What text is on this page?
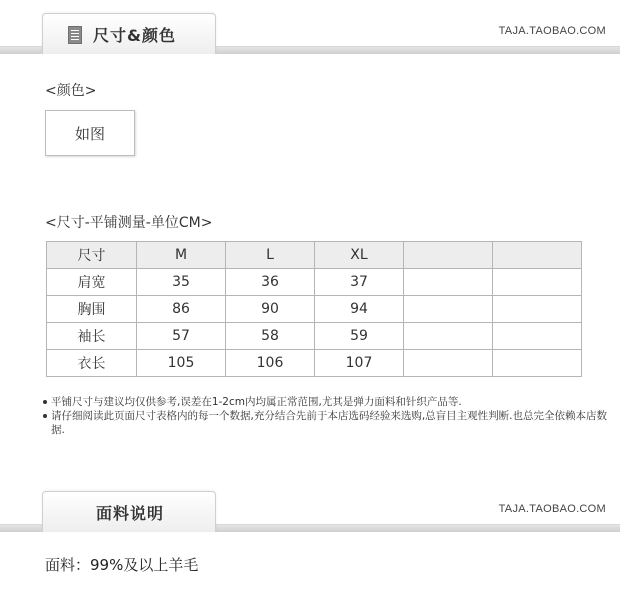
尺寸&颜色	TAJA.TAOBAO.COM
<颜色>
如图
<尺寸-平铺测量-单位CM>
尺寸	M	L	XL		
肩宽	35	36	37		
胸围	86	90	94		
袖长	57	58	59		
衣长	105	106	107		
平铺尺寸与建议均仅供参考,误差在1-2cm内均属正常范围,尤其是弹力面料和针织产品等.
请仔细阅读此页面尺寸表格内的每一个数据,充分结合先前于本店选码经验来选购,总盲目主观性判断.也总完全依赖本店数据.
面料说明	TAJA.TAOBAO.COM
面料：99%及以上羊毛
